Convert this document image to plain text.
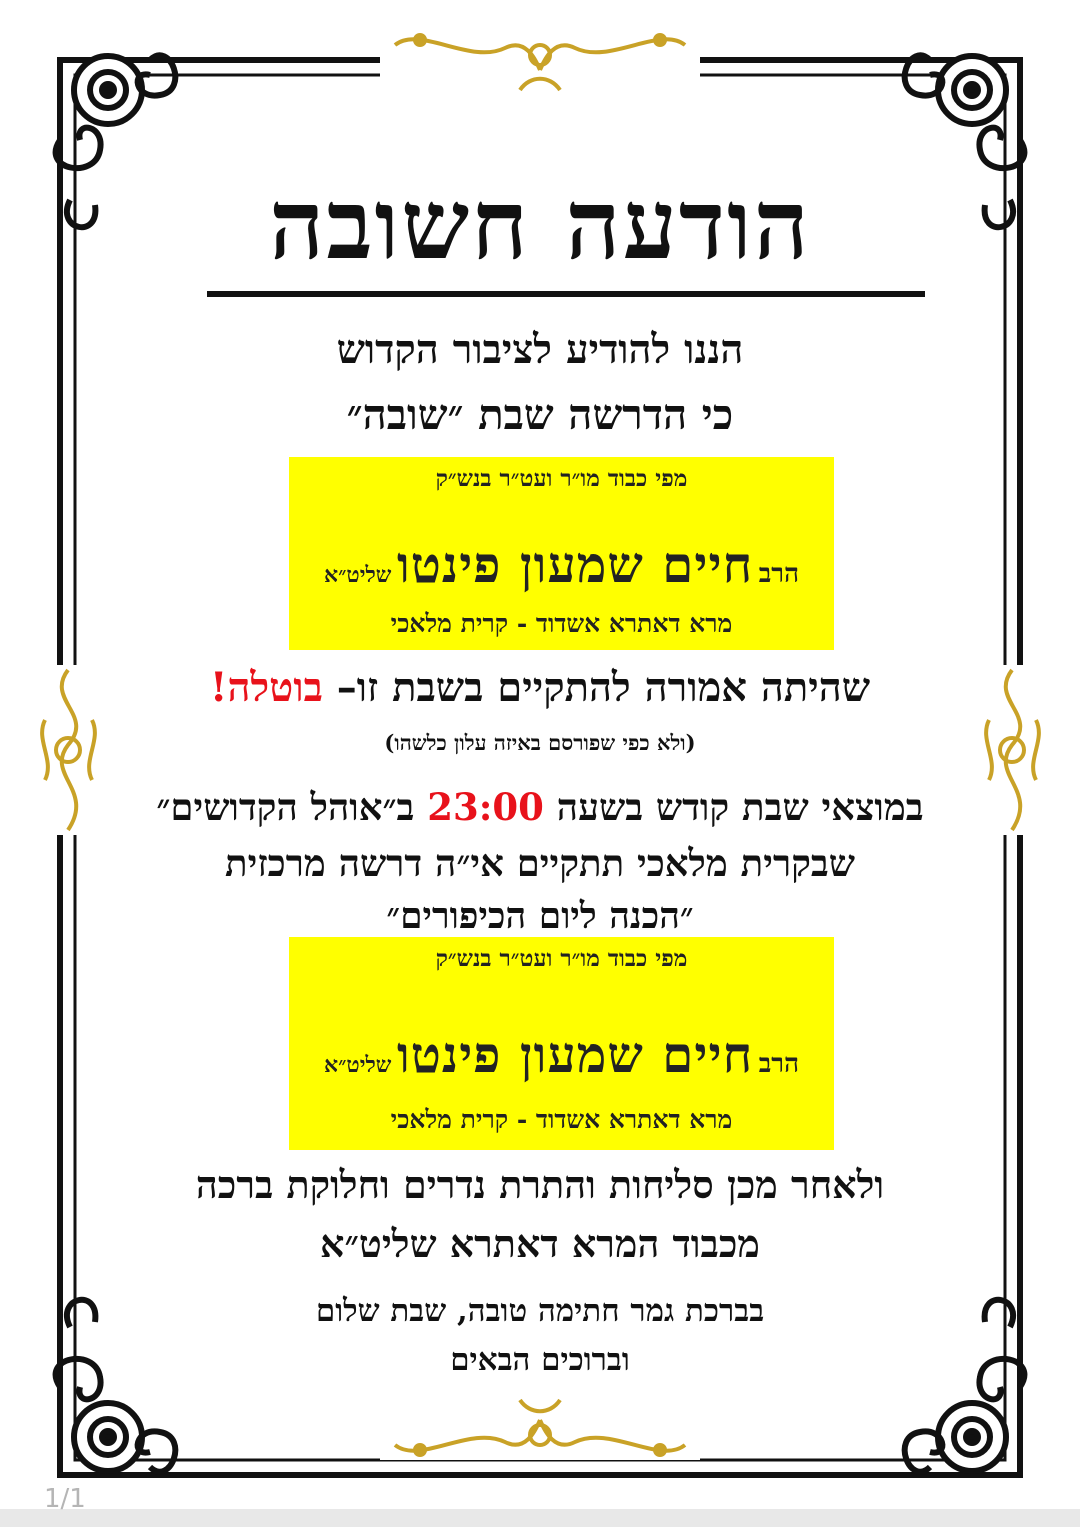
הודעה חשובה
הננו להודיע לציבור הקדוש
כי הדרשה שבת ״שובה״
מפי כבוד מו״ר ועט״ר בנש״ק
הרב חיים שמעון פינטו שליט״א
מרא דאתרא אשדוד - קרית מלאכי
שהיתה אמורה להתקיים בשבת זו– בוטלה!
(ולא כפי שפורסם באיזה עלון כלשהו)
במוצאי שבת קודש בשעה 23:00 ב״אוהל הקדושים״
שבקרית מלאכי תתקיים אי״ה דרשה מרכזית
״הכנה ליום הכיפורים״
מפי כבוד מו״ר ועט״ר בנש״ק
הרב חיים שמעון פינטו שליט״א
מרא דאתרא אשדוד - קרית מלאכי
ולאחר מכן סליחות והתרת נדרים וחלוקת ברכה
מכבוד המרא דאתרא שליט״א
בברכת גמר חתימה טובה, שבת שלום
וברוכים הבאים
1/1
